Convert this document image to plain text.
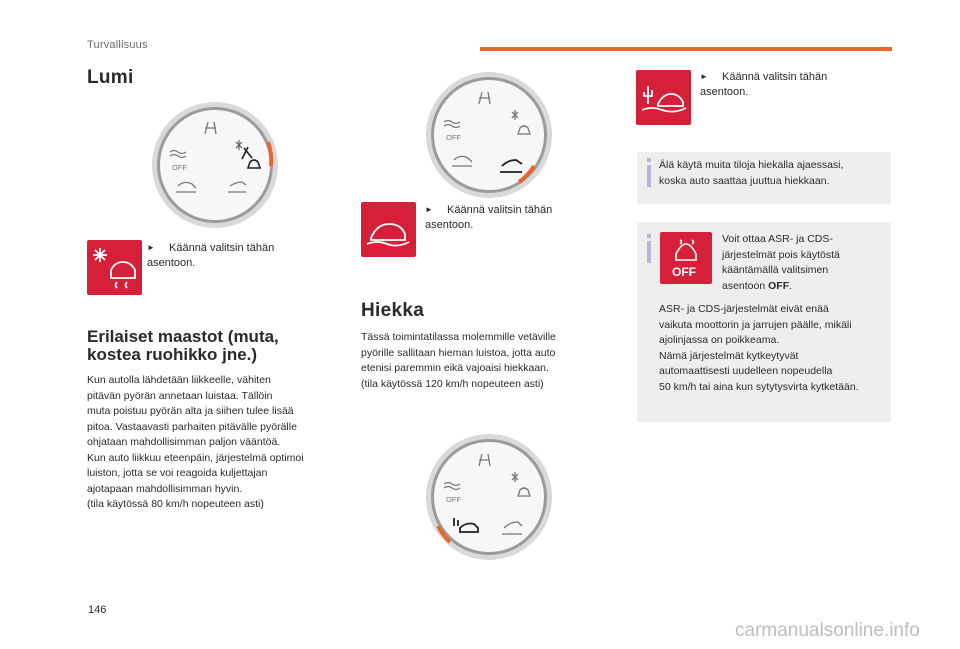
Turvallisuus
Lumi
OFF
► Käännä valitsin tähän asentoon.
Erilaiset maastot (muta,
kostea ruohikko jne.)
Kun autolla lähdetään liikkeelle, vähiten
pitävän pyörän annetaan luistaa. Tällöin
muta poistuu pyörän alta ja siihen tulee lisää
pitoa. Vastaavasti parhaiten pitävälle pyörälle
ohjataan mahdollisimman paljon vääntöä.
Kun auto liikkuu eteenpäin, järjestelmä optimoi
luiston, jotta se voi reagoida kuljettajan
ajotapaan mahdollisimman hyvin.
(tila käytössä 80 km/h nopeuteen asti)
OFF
► Käännä valitsin tähän asentoon.
Hiekka
Tässä toimintatilassa molemmille vetäville
pyörille sallitaan hieman luistoa, jotta auto
etenisi paremmin eikä vajoaisi hiekkaan.
(tila käytössä 120 km/h nopeuteen asti)
OFF
► Käännä valitsin tähän asentoon.
Älä käytä muita tiloja hiekalla ajaessasi,
koska auto saattaa juuttua hiekkaan.
OFF
Voit ottaa ASR- ja CDS-
järjestelmät pois käytöstä
kääntämällä valitsimen
asentoon OFF.
ASR- ja CDS-järjestelmät eivät enää
vaikuta moottorin ja jarrujen päälle, mikäli
ajolinjassa on poikkeama.
Nämä järjestelmät kytkeytyvät
automaattisesti uudelleen nopeudella
50 km/h tai aina kun sytytysvirta kytketään.
146
carmanualsonline.info
